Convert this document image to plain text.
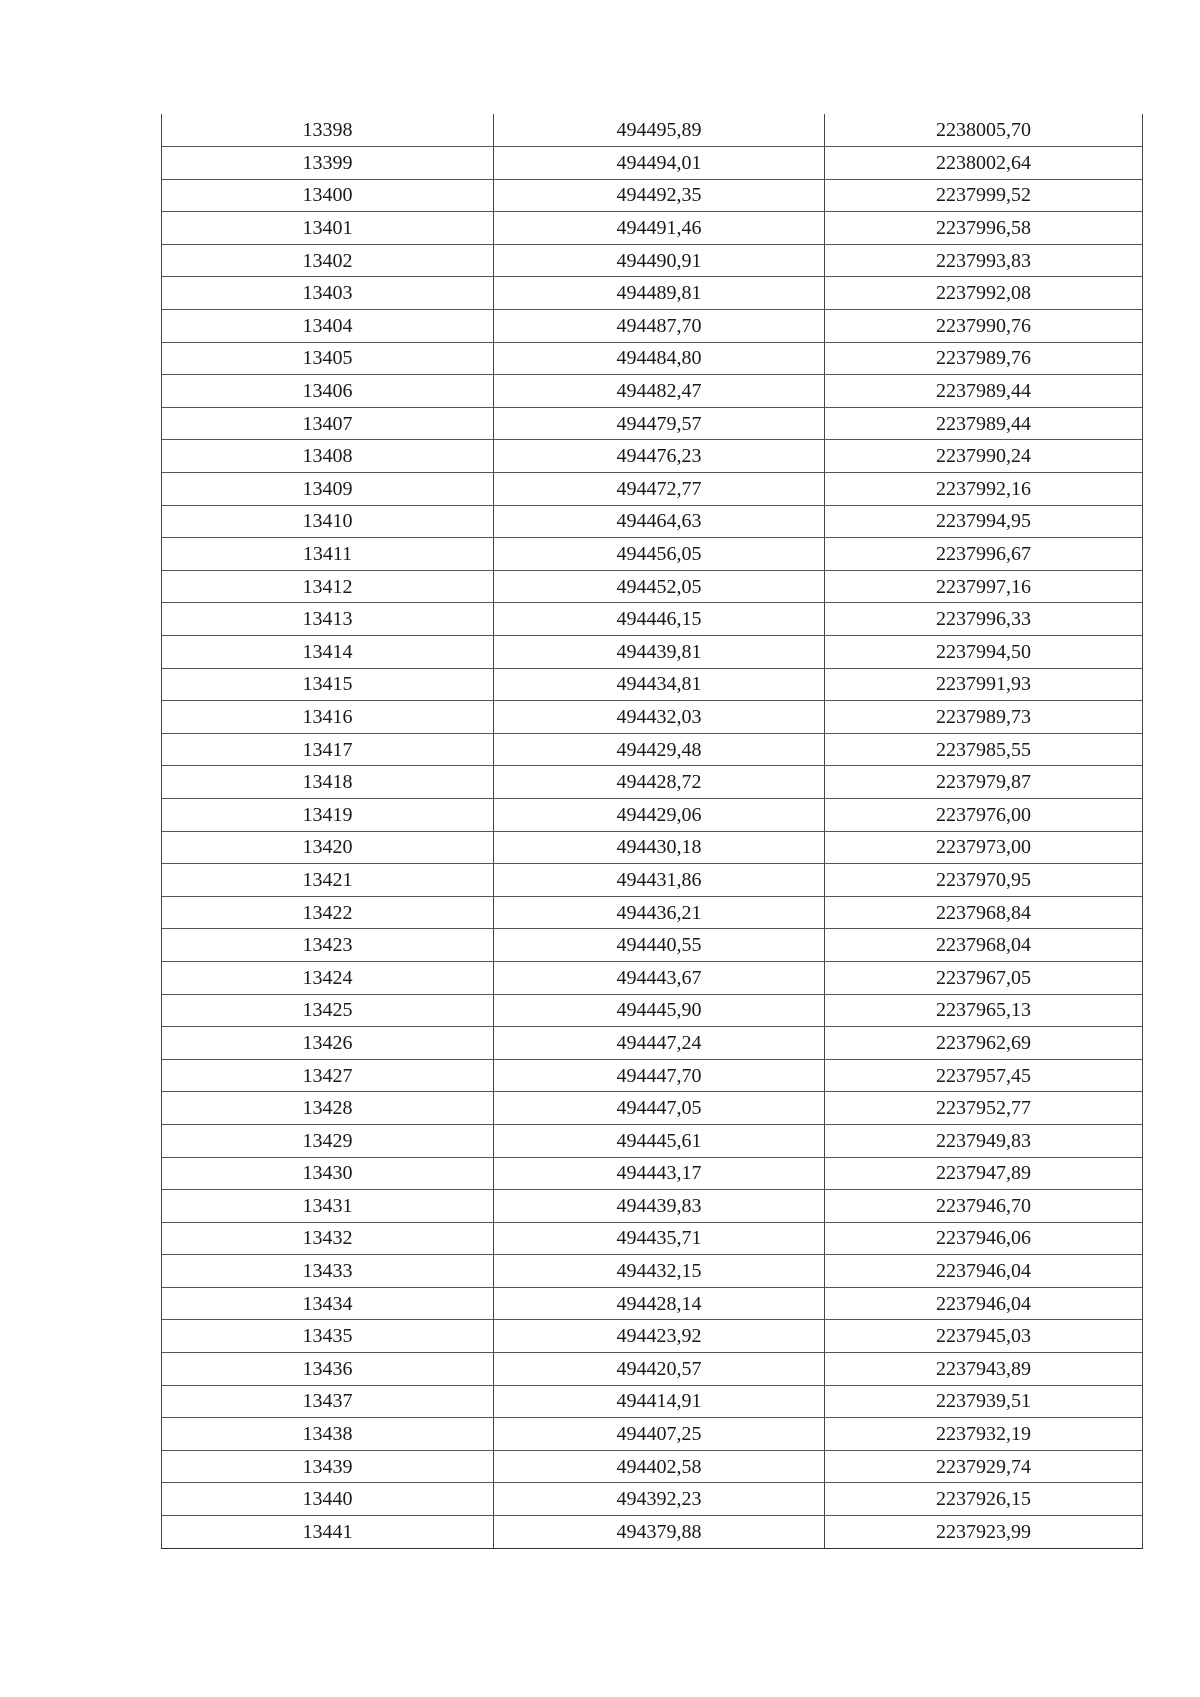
13398	494495,89	2238005,70
13399	494494,01	2238002,64
13400	494492,35	2237999,52
13401	494491,46	2237996,58
13402	494490,91	2237993,83
13403	494489,81	2237992,08
13404	494487,70	2237990,76
13405	494484,80	2237989,76
13406	494482,47	2237989,44
13407	494479,57	2237989,44
13408	494476,23	2237990,24
13409	494472,77	2237992,16
13410	494464,63	2237994,95
13411	494456,05	2237996,67
13412	494452,05	2237997,16
13413	494446,15	2237996,33
13414	494439,81	2237994,50
13415	494434,81	2237991,93
13416	494432,03	2237989,73
13417	494429,48	2237985,55
13418	494428,72	2237979,87
13419	494429,06	2237976,00
13420	494430,18	2237973,00
13421	494431,86	2237970,95
13422	494436,21	2237968,84
13423	494440,55	2237968,04
13424	494443,67	2237967,05
13425	494445,90	2237965,13
13426	494447,24	2237962,69
13427	494447,70	2237957,45
13428	494447,05	2237952,77
13429	494445,61	2237949,83
13430	494443,17	2237947,89
13431	494439,83	2237946,70
13432	494435,71	2237946,06
13433	494432,15	2237946,04
13434	494428,14	2237946,04
13435	494423,92	2237945,03
13436	494420,57	2237943,89
13437	494414,91	2237939,51
13438	494407,25	2237932,19
13439	494402,58	2237929,74
13440	494392,23	2237926,15
13441	494379,88	2237923,99
